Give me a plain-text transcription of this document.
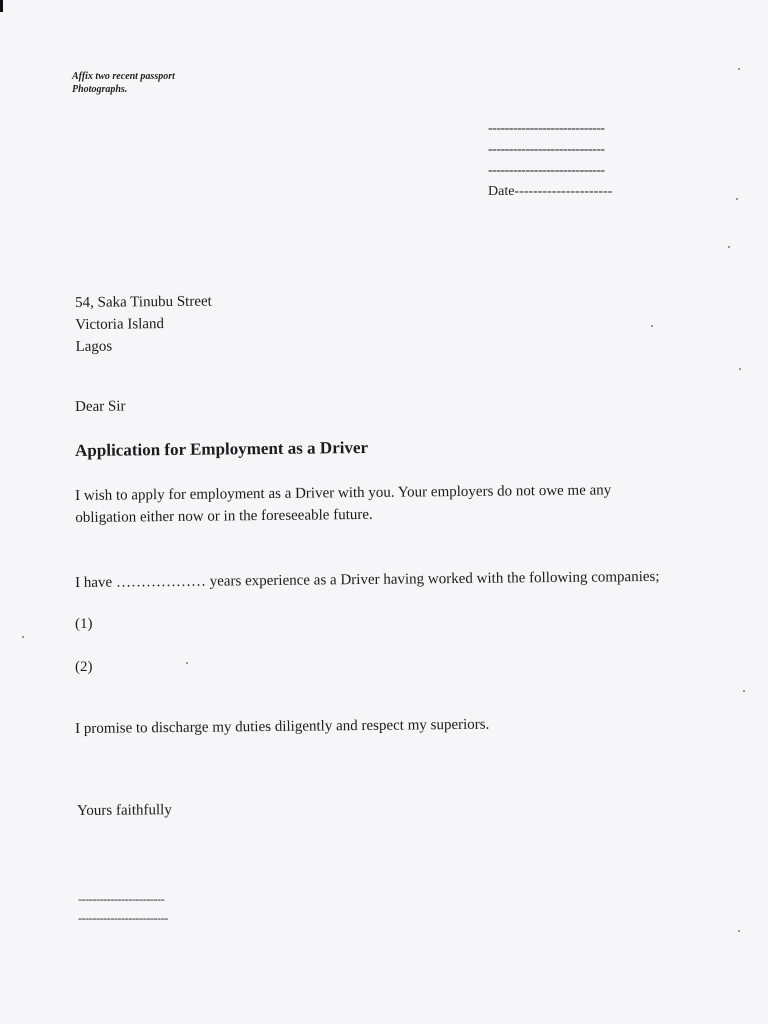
Affix two recent passport
Photographs.
----------------------------
----------------------------
----------------------------
Date---------------------
54, Saka Tinubu Street
Victoria Island
Lagos
Dear Sir
Application for Employment as a Driver
I wish to apply for employment as a Driver with you. Your employers do not owe me any obligation either now or in the foreseeable future.
I have ……………… years experience as a Driver having worked with the following companies;
(1)
(2)
I promise to discharge my duties diligently and respect my superiors.
Yours faithfully
------------------------
-------------------------
